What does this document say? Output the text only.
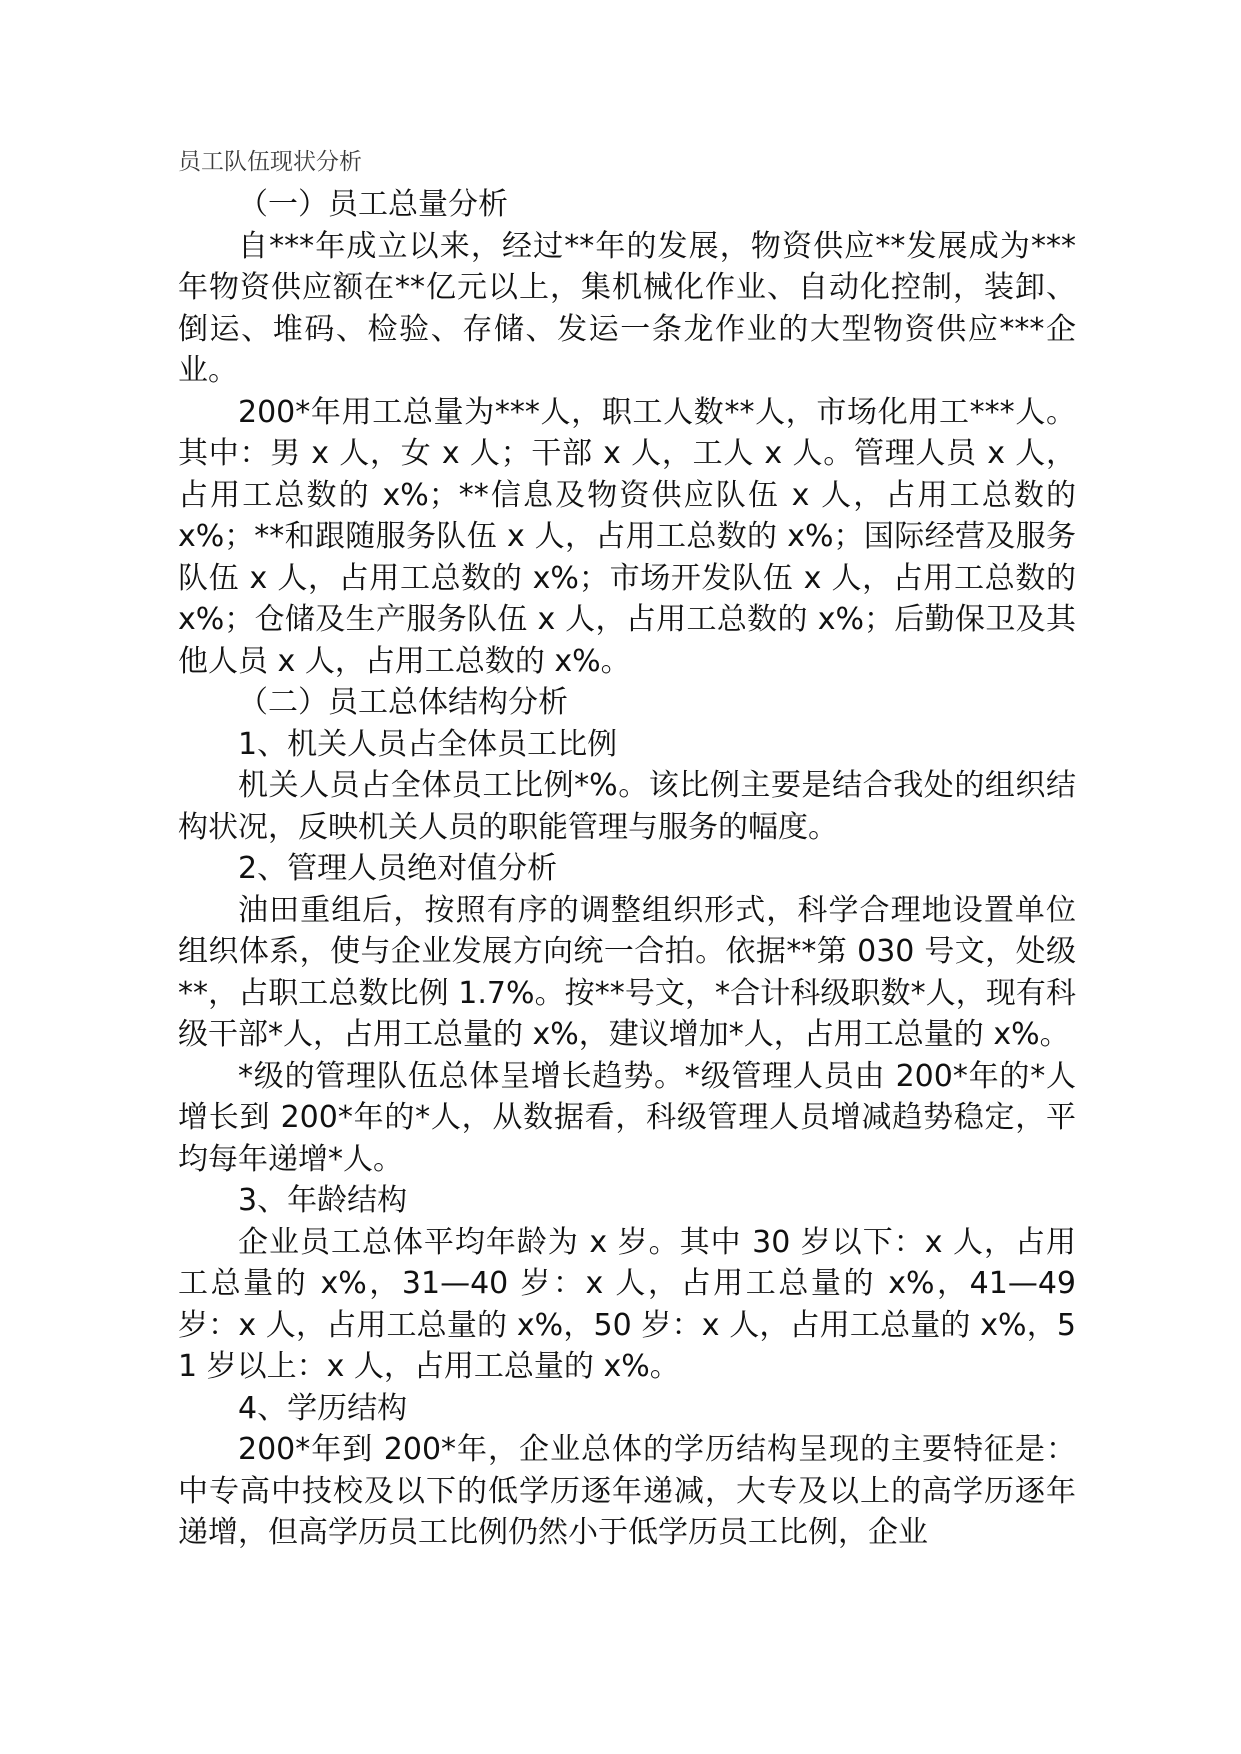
员工队伍现状分析

（一）员工总量分析

自***年成立以来，经过**年的发展，物资供应**发展成为***年物资供应额在**亿元以上，集机械化作业、自动化控制，装卸、倒运、堆码、检验、存储、发运一条龙作业的大型物资供应***企业。

200*年用工总量为***人，职工人数**人，市场化用工***人。其中：男 x 人，女 x 人；干部 x 人，工人 x 人。管理人员 x 人，占用工总数的 x%；**信息及物资供应队伍 x 人，占用工总数的 x%；**和跟随服务队伍 x 人，占用工总数的 x%；国际经营及服务队伍 x 人，占用工总数的 x%；市场开发队伍 x 人，占用工总数的 x%；仓储及生产服务队伍 x 人，占用工总数的 x%；后勤保卫及其他人员 x 人，占用工总数的 x%。

（二）员工总体结构分析

1、机关人员占全体员工比例

机关人员占全体员工比例*%。该比例主要是结合我处的组织结构状况，反映机关人员的职能管理与服务的幅度。

2、管理人员绝对值分析

油田重组后，按照有序的调整组织形式，科学合理地设置单位组织体系，使与企业发展方向统一合拍。依据**第 030 号文，处级**，占职工总数比例 1.7%。按**号文，*合计科级职数*人，现有科级干部*人，占用工总量的 x%，建议增加*人，占用工总量的 x%。

*级的管理队伍总体呈增长趋势。*级管理人员由 200*年的*人增长到 200*年的*人，从数据看，科级管理人员增减趋势稳定，平均每年递增*人。

3、年龄结构

企业员工总体平均年龄为 x 岁。其中 30 岁以下：x 人，占用工总量的 x%，31—40 岁：x 人，占用工总量的 x%，41—49 岁：x 人，占用工总量的 x%，50 岁：x 人，占用工总量的 x%，51 岁以上：x 人，占用工总量的 x%。

4、学历结构

200*年到 200*年，企业总体的学历结构呈现的主要特征是：中专高中技校及以下的低学历逐年递减，大专及以上的高学历逐年递增，但高学历员工比例仍然小于低学历员工比例，企业
